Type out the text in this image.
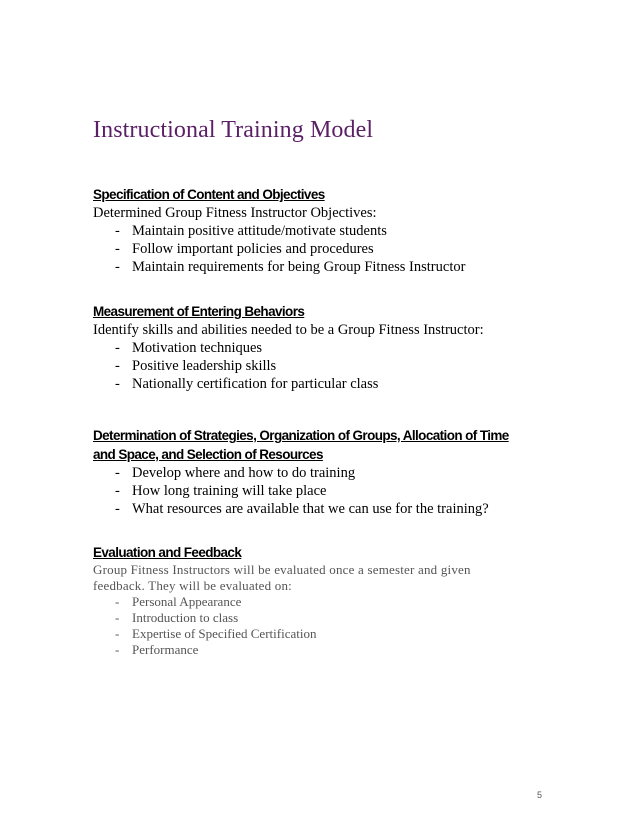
Instructional Training Model

Specification of Content and Objectives

Determined Group Fitness Instructor Objectives:

- Maintain positive attitude/motivate students
- Follow important policies and procedures
- Maintain requirements for being Group Fitness Instructor

Measurement of Entering Behaviors

Identify skills and abilities needed to be a Group Fitness Instructor:

- Motivation techniques
- Positive leadership skills
- Nationally certification for particular class

Determination of Strategies, Organization of Groups, Allocation of Time

and Space, and Selection of Resources

- Develop where and how to do training
- How long training will take place
- What resources are available that we can use for the training?

Evaluation and Feedback

Group Fitness Instructors will be evaluated once a semester and given

feedback. They will be evaluated on:

- Personal Appearance
- Introduction to class
- Expertise of Specified Certification
- Performance
5
